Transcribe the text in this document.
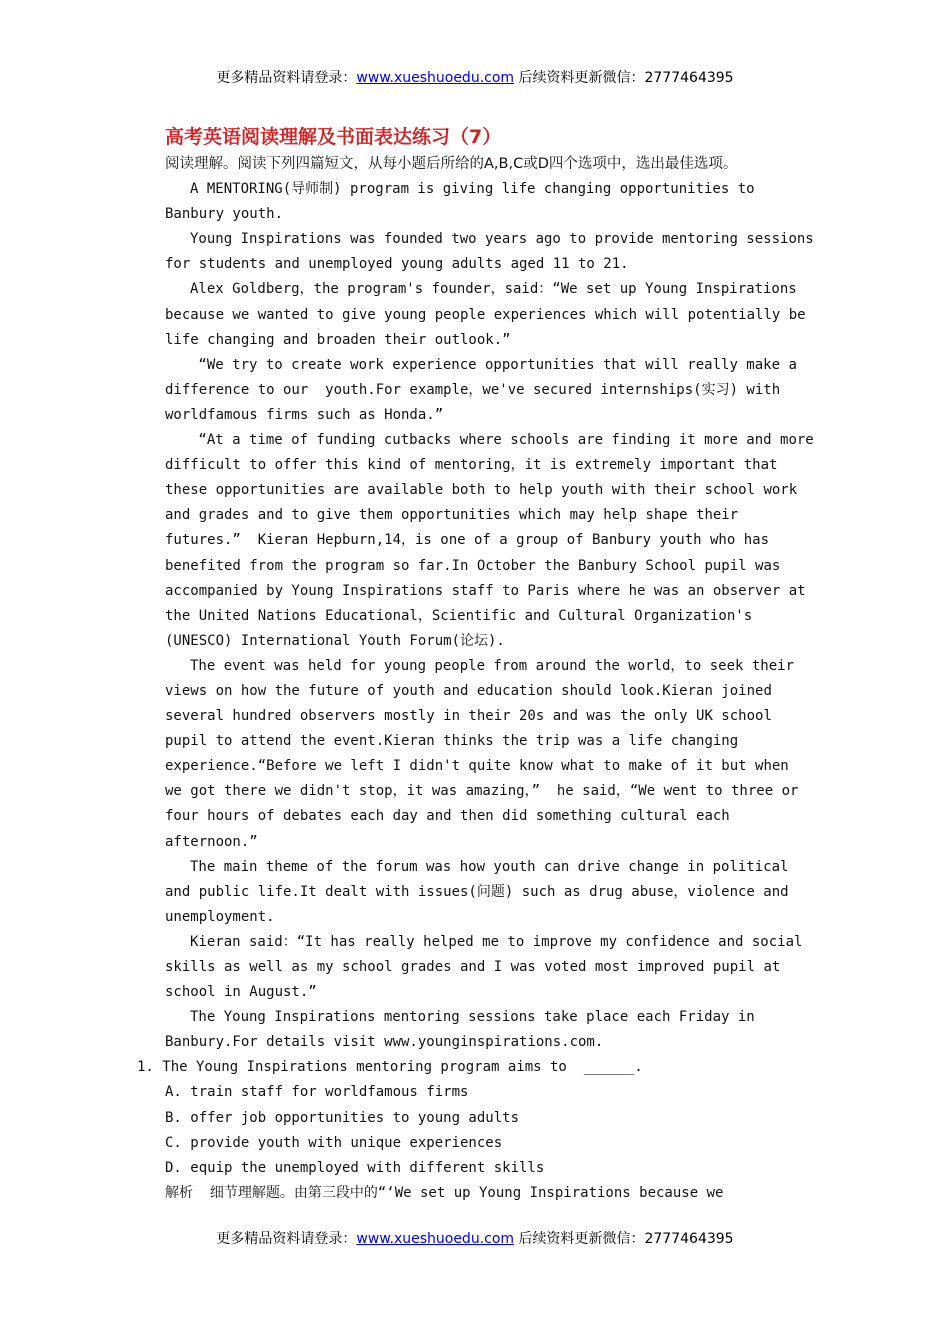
更多精品资料请登录：www.xueshuoedu.com 后续资料更新微信：2777464395
高考英语阅读理解及书面表达练习（7）
阅读理解。阅读下列四篇短文，从每小题后所给的A,B,C或D四个选项中，选出最佳选项。
A MENTORING(导师制) program is giving life changing opportunities to
Banbury youth.
Young Inspirations was founded two years ago to provide mentoring sessions
for students and unemployed young adults aged 11 to 21.
Alex Goldberg，the program's founder，said：“We set up Young Inspirations
because we wanted to give young people experiences which will potentially be
life changing and broaden their outlook.”
“We try to create work experience opportunities that will really make a
difference to our  youth.For example，we've secured internships(实习) with
worldfamous firms such as Honda.”
“At a time of funding cutbacks where schools are finding it more and more
difficult to offer this kind of mentoring，it is extremely important that
these opportunities are available both to help youth with their school work
and grades and to give them opportunities which may help shape their
futures.”  Kieran Hepburn,14，is one of a group of Banbury youth who has
benefited from the program so far.In October the Banbury School pupil was
accompanied by Young Inspirations staff to Paris where he was an observer at
the United Nations Educational，Scientific and Cultural Organization's
(UNESCO) International Youth Forum(论坛).
The event was held for young people from around the world，to seek their
views on how the future of youth and education should look.Kieran joined
several hundred observers mostly in their 20s and was the only UK school
pupil to attend the event.Kieran thinks the trip was a life changing
experience.“Before we left I didn't quite know what to make of it but when
we got there we didn't stop，it was amazing，”  he said，“We went to three or
four hours of debates each day and then did something cultural each
afternoon.”
The main theme of the forum was how youth can drive change in political
and public life.It dealt with issues(问题) such as drug abuse，violence and
unemployment.
Kieran said：“It has really helped me to improve my confidence and social
skills as well as my school grades and I was voted most improved pupil at
school in August.”
The Young Inspirations mentoring sessions take place each Friday in
Banbury.For details visit www.younginspirations.com.
1. The Young Inspirations mentoring program aims to  ______.
A. train staff for worldfamous firms
B. offer job opportunities to young adults
C. provide youth with unique experiences
D. equip the unemployed with different skills
解析  细节理解题。由第三段中的“‘We set up Young Inspirations because we
更多精品资料请登录：www.xueshuoedu.com 后续资料更新微信：2777464395
